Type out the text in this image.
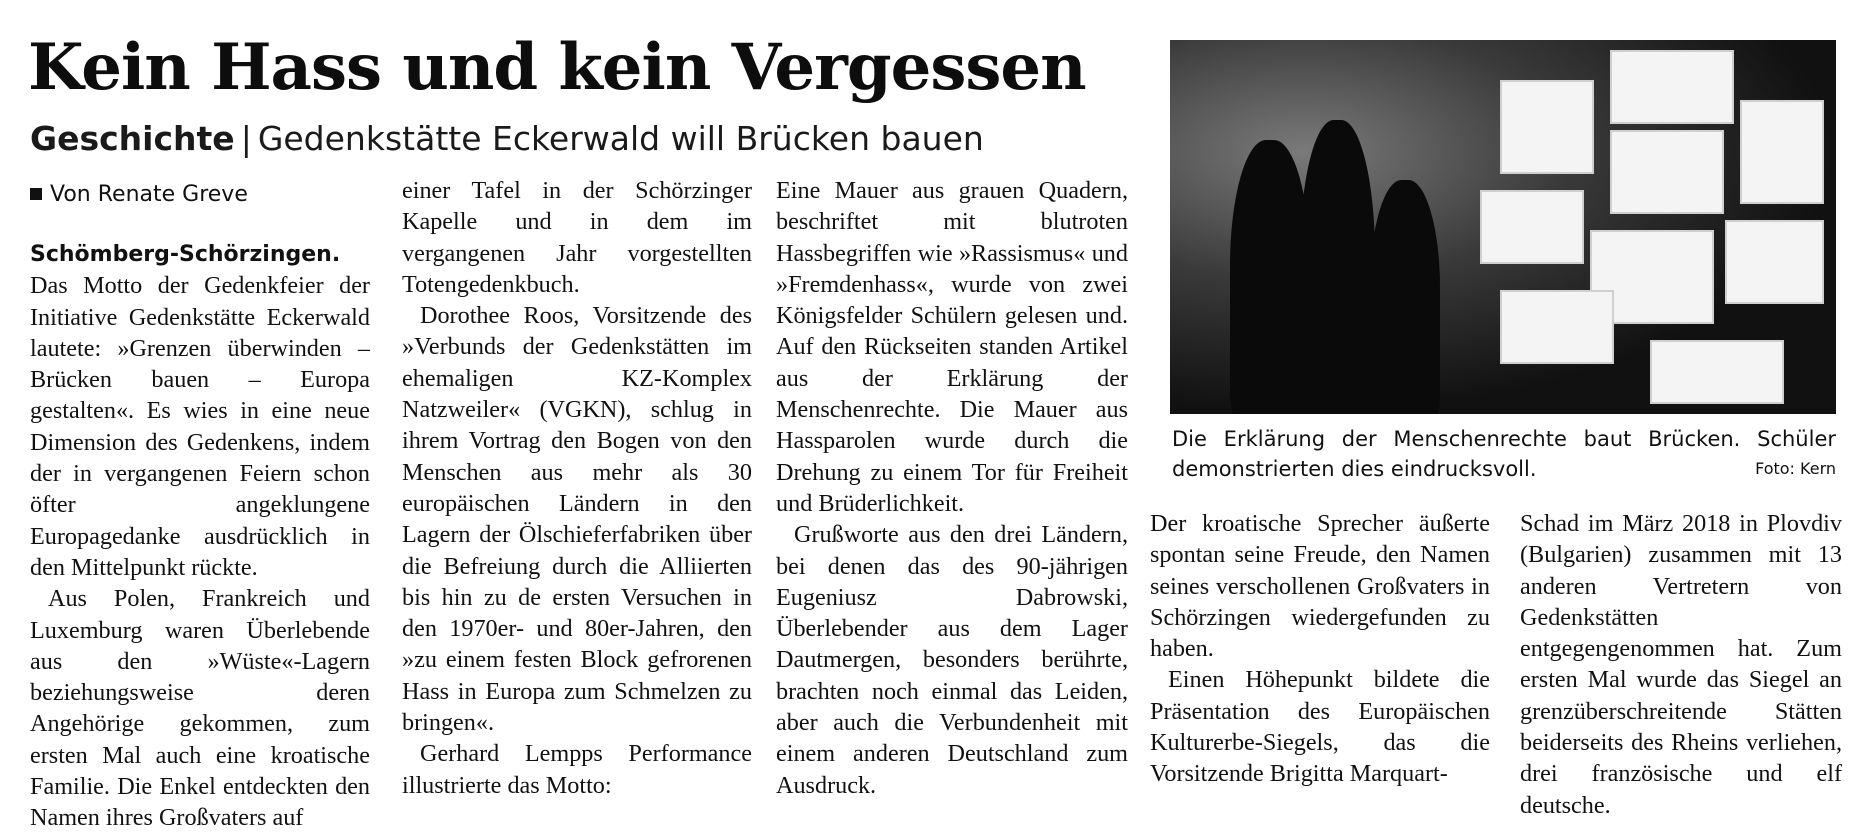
Kein Hass und kein Vergessen
Geschichte | Gedenkstätte Eckerwald will Brücken bauen
Von Renate Greve

Schömberg-Schörzingen. Das Motto der Gedenkfeier der Initiative Gedenkstätte Eckerwald lautete: »Grenzen überwinden – Brücken bauen – Europa gestalten«. Es wies in eine neue Dimension des Gedenkens, indem der in vergangenen Feiern schon öfter angeklungene Europagedanke ausdrücklich in den Mittelpunkt rückte.

Aus Polen, Frankreich und Luxemburg waren Überlebende aus den »Wüste«-Lagern beziehungsweise deren Angehörige gekommen, zum ersten Mal auch eine kroatische Familie. Die Enkel entdeckten den Namen ihres Großvaters auf

einer Tafel in der Schörzinger Kapelle und in dem im vergangenen Jahr vorgestellten Totengedenkbuch.

Dorothee Roos, Vorsitzende des »Verbunds der Gedenkstätten im ehemaligen KZ-Komplex Natzweiler« (VGKN), schlug in ihrem Vortrag den Bogen von den Menschen aus mehr als 30 europäischen Ländern in den Lagern der Ölschieferfabriken über die Befreiung durch die Alliierten bis hin zu de ersten Versuchen in den 1970er- und 80er-Jahren, den »zu einem festen Block gefrorenen Hass in Europa zum Schmelzen zu bringen«.

Gerhard Lempps Performance illustrierte das Motto:

Eine Mauer aus grauen Quadern, beschriftet mit blutroten Hassbegriffen wie »Rassismus« und »Fremdenhass«, wurde von zwei Königsfelder Schülern gelesen und. Auf den Rückseiten standen Artikel aus der Erklärung der Menschenrechte. Die Mauer aus Hassparolen wurde durch die Drehung zu einem Tor für Freiheit und Brüderlichkeit.

Grußworte aus den drei Ländern, bei denen das des 90-jährigen Eugeniusz Dabrowski, Überlebender aus dem Lager Dautmergen, besonders berührte, brachten noch einmal das Leiden, aber auch die Verbundenheit mit einem anderen Deutschland zum Ausdruck.

Die Erklärung der Menschenrechte baut Brücken. Schüler demonstrierten dies eindrucksvoll.	Foto: Kern

Der kroatische Sprecher äußerte spontan seine Freude, den Namen seines verschollenen Großvaters in Schörzingen wiedergefunden zu haben.

Einen Höhepunkt bildete die Präsentation des Europäischen Kulturerbe-Siegels, das die Vorsitzende Brigitta Marquart-

Schad im März 2018 in Plovdiv (Bulgarien) zusammen mit 13 anderen Vertretern von Gedenkstätten entgegengenommen hat. Zum ersten Mal wurde das Siegel an grenzüberschreitende Stätten beiderseits des Rheins verliehen, drei französische und elf deutsche.
